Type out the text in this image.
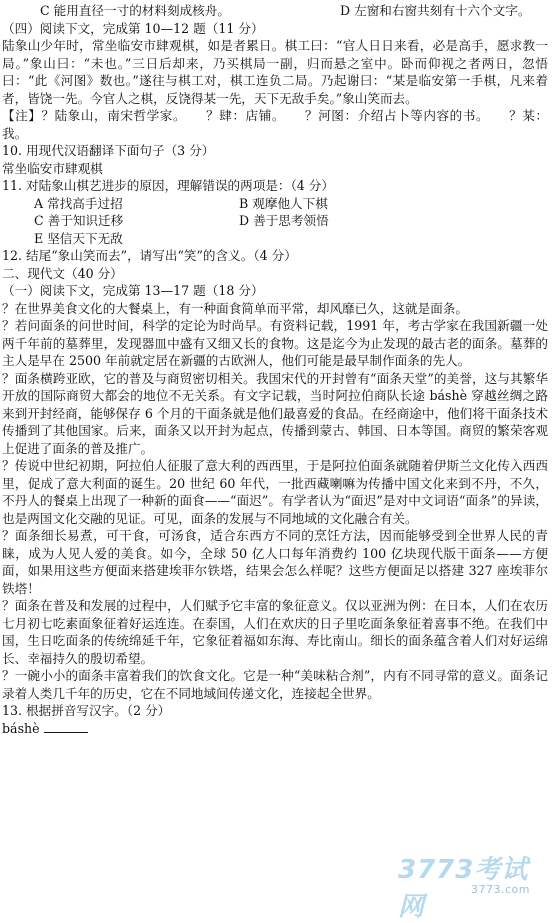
C 能用直径一寸的材料刻成核舟。	D 左窗和右窗共刻有十六个文字。
（四）阅读下文，完成第 10—12 题（11 分）
陆象山少年时，常坐临安市肆观棋，如是者累日。棋工曰：“官人日日来看，必是高手，愿求教一局。”象山曰：“未也。”三日后却来，乃买棋局一副，归而悬之室中。卧而仰视之者两日，忽悟曰：“此《河图》数也。”遂往与棋工对，棋工连负二局。乃起谢曰：“某是临安第一手棋，凡来着者，皆饶一先。今官人之棋，反饶得某一先，天下无敌手矣。”象山笑而去。
【注】？陆象山，南宋哲学家。　　？肆：店铺。　　？河图：介绍占卜等内容的书。　　？某：我。
10. 用现代汉语翻译下面句子（3 分）
常坐临安市肆观棋
11. 对陆象山棋艺进步的原因，理解错误的两项是：（4 分）
A 常找高手过招	B 观摩他人下棋
C 善于知识迁移	D 善于思考领悟
E 坚信天下无敌
12. 结尾“象山笑而去”，请写出“笑”的含义。（4 分）
二、现代文（40 分）
（一）阅读下文，完成第 13—17 题（18 分）
？在世界美食文化的大餐桌上，有一种面食简单而平常，却风靡已久，这就是面条。
？若问面条的问世时间，科学的定论为时尚早。有资料记载，1991 年，考古学家在我国新疆一处两千年前的墓葬里，发现器皿中盛有又细又长的食物。这是迄今为止发现的最古老的面条。墓葬的主人是早在 2500 年前就定居在新疆的古欧洲人，他们可能是最早制作面条的先人。
？面条横跨亚欧，它的普及与商贸密切相关。我国宋代的开封曾有“面条天堂”的美誉，这与其繁华开放的国际商贸大都会的地位不无关系。有文字记载，当时阿拉伯商队长途 báshè 穿越丝绸之路来到开封经商，能够保存 6 个月的干面条就是他们最喜爱的食品。在经商途中，他们将干面条技术传播到了其他国家。后来，面条又以开封为起点，传播到蒙古、韩国、日本等国。商贸的繁荣客观上促进了面条的普及推广。
？传说中世纪初期，阿拉伯人征服了意大利的西西里，于是阿拉伯面条就随着伊斯兰文化传入西西里，促成了意大利面的诞生。20 世纪 60 年代，一批西藏喇嘛为传播中国文化来到不丹，不久，不丹人的餐桌上出现了一种新的面食——“面迟”。有学者认为“面迟”是对中文词语“面条”的异读，也是两国文化交融的见证。可见，面条的发展与不同地域的文化融合有关。
？面条细长易煮，可干食，可汤食，适合东西方不同的烹饪方法，因而能够受到全世界人民的青睐，成为人见人爱的美食。如今，全球 50 亿人口每年消费约 100 亿块现代版干面条——方便面，如果用这些方便面来搭建埃菲尔铁塔，结果会怎么样呢？这些方便面足以搭建 327 座埃菲尔铁塔！
？面条在普及和发展的过程中，人们赋予它丰富的象征意义。仅以亚洲为例：在日本，人们在农历七月初七吃素面象征着好运连连。在泰国，人们在欢庆的日子里吃面条象征着喜事不绝。在我们中国，生日吃面条的传统绵延千年，它象征着福如东海、寿比南山。细长的面条蕴含着人们对好运绵长、幸福持久的殷切希望。
？一碗小小的面条丰富着我们的饮食文化。它是一种“美味粘合剂”，内有不同寻常的意义。面条记录着人类几千年的历史，它在不同地域间传递文化，连接起全世界。
13. 根据拼音写汉字。（2 分）
báshè
3773考试网
3773.com
